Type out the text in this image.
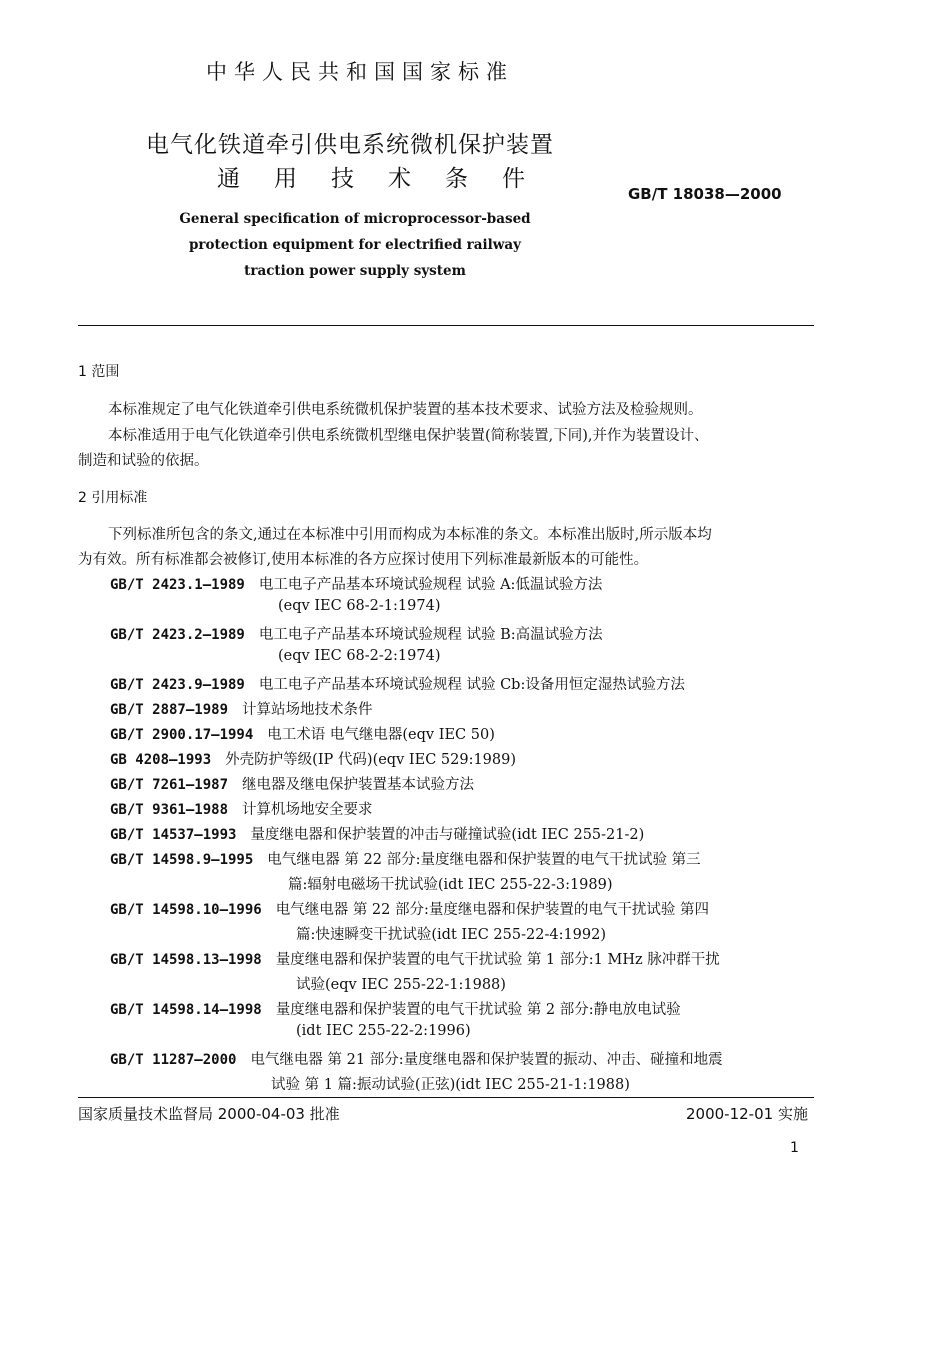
中华人民共和国国家标准
电气化铁道牵引供电系统微机保护装置
通用技术条件
GB/T 18038—2000
General specification of microprocessor-based
protection equipment for electrified railway
traction power supply system
1 范围
本标准规定了电气化铁道牵引供电系统微机保护装置的基本技术要求、试验方法及检验规则。
本标准适用于电气化铁道牵引供电系统微机型继电保护装置(简称装置,下同),并作为装置设计、
制造和试验的依据。
2 引用标准
下列标准所包含的条文,通过在本标准中引用而构成为本标准的条文。本标准出版时,所示版本均
为有效。所有标准都会被修订,使用本标准的各方应探讨使用下列标准最新版本的可能性。
GB/T 2423.1—1989 电工电子产品基本环境试验规程 试验 A:低温试验方法
(eqv IEC 68-2-1:1974)
GB/T 2423.2—1989 电工电子产品基本环境试验规程 试验 B:高温试验方法
(eqv IEC 68-2-2:1974)
GB/T 2423.9—1989 电工电子产品基本环境试验规程 试验 Cb:设备用恒定湿热试验方法
GB/T 2887—1989 计算站场地技术条件
GB/T 2900.17—1994 电工术语 电气继电器(eqv IEC 50)
GB 4208—1993 外壳防护等级(IP 代码)(eqv IEC 529:1989)
GB/T 7261—1987 继电器及继电保护装置基本试验方法
GB/T 9361—1988 计算机场地安全要求
GB/T 14537—1993 量度继电器和保护装置的冲击与碰撞试验(idt IEC 255-21-2)
GB/T 14598.9—1995 电气继电器 第 22 部分:量度继电器和保护装置的电气干扰试验 第三
篇:辐射电磁场干扰试验(idt IEC 255-22-3:1989)
GB/T 14598.10—1996 电气继电器 第 22 部分:量度继电器和保护装置的电气干扰试验 第四
篇:快速瞬变干扰试验(idt IEC 255-22-4:1992)
GB/T 14598.13—1998 量度继电器和保护装置的电气干扰试验 第 1 部分:1 MHz 脉冲群干扰
试验(eqv IEC 255-22-1:1988)
GB/T 14598.14—1998 量度继电器和保护装置的电气干扰试验 第 2 部分:静电放电试验
(idt IEC 255-22-2:1996)
GB/T 11287—2000 电气继电器 第 21 部分:量度继电器和保护装置的振动、冲击、碰撞和地震
试验 第 1 篇:振动试验(正弦)(idt IEC 255-21-1:1988)
国家质量技术监督局 2000-04-03 批准	2000-12-01 实施
1
